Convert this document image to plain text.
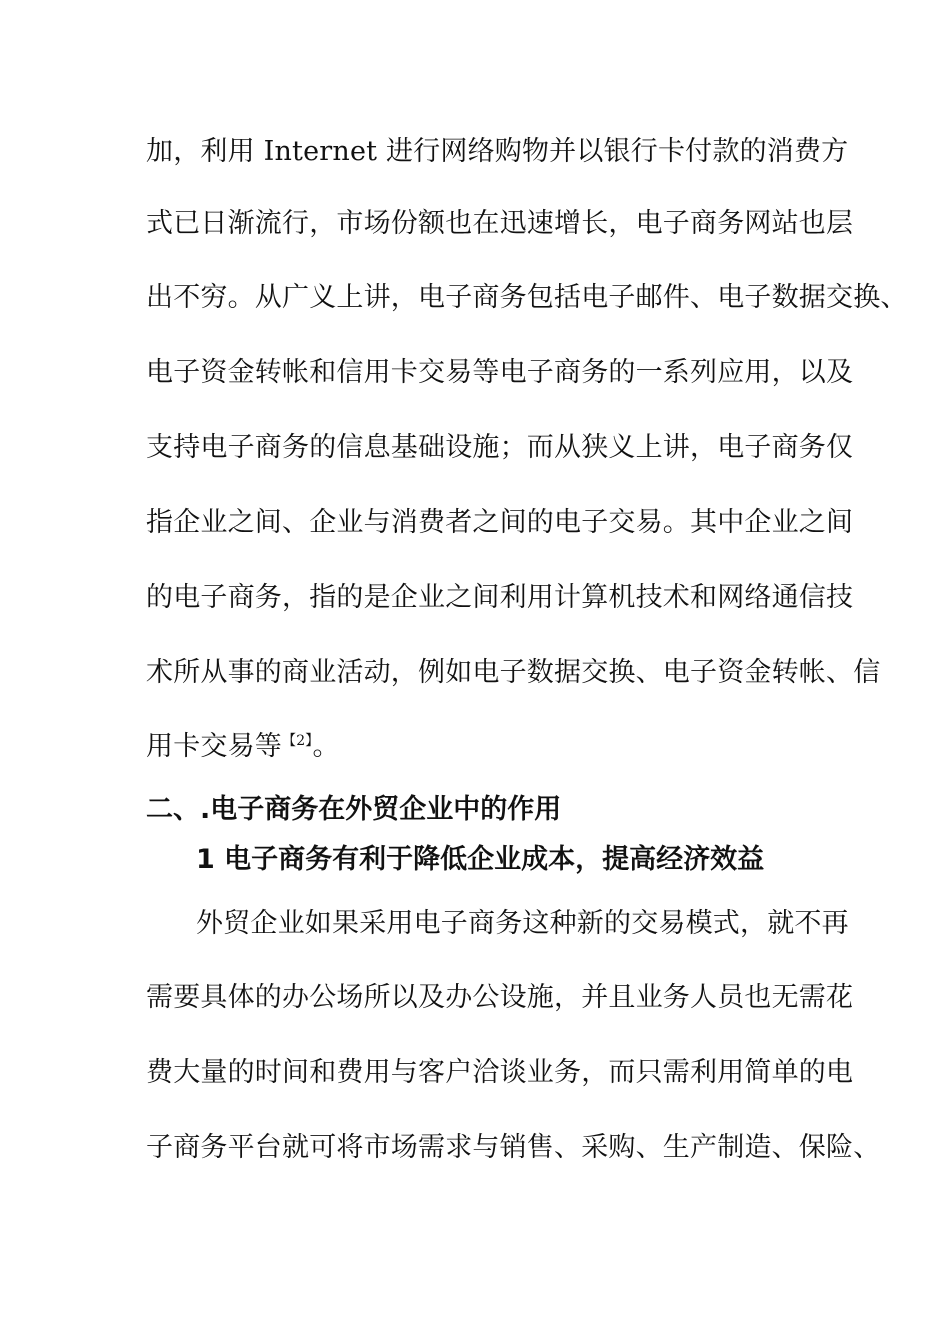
加，利用 Internet 进行网络购物并以银行卡付款的消费方
式已日渐流行，市场份额也在迅速增长，电子商务网站也层
出不穷。从广义上讲，电子商务包括电子邮件、电子数据交换、
电子资金转帐和信用卡交易等电子商务的一系列应用，以及
支持电子商务的信息基础设施；而从狭义上讲，电子商务仅
指企业之间、企业与消费者之间的电子交易。其中企业之间
的电子商务，指的是企业之间利用计算机技术和网络通信技
术所从事的商业活动，例如电子数据交换、电子资金转帐、信
用卡交易等$^{【2】}$。
二、.电子商务在外贸企业中的作用
1 电子商务有利于降低企业成本，提高经济效益
外贸企业如果采用电子商务这种新的交易模式，就不再
需要具体的办公场所以及办公设施，并且业务人员也无需花
费大量的时间和费用与客户洽谈业务，而只需利用简单的电
子商务平台就可将市场需求与销售、采购、生产制造、保险、
